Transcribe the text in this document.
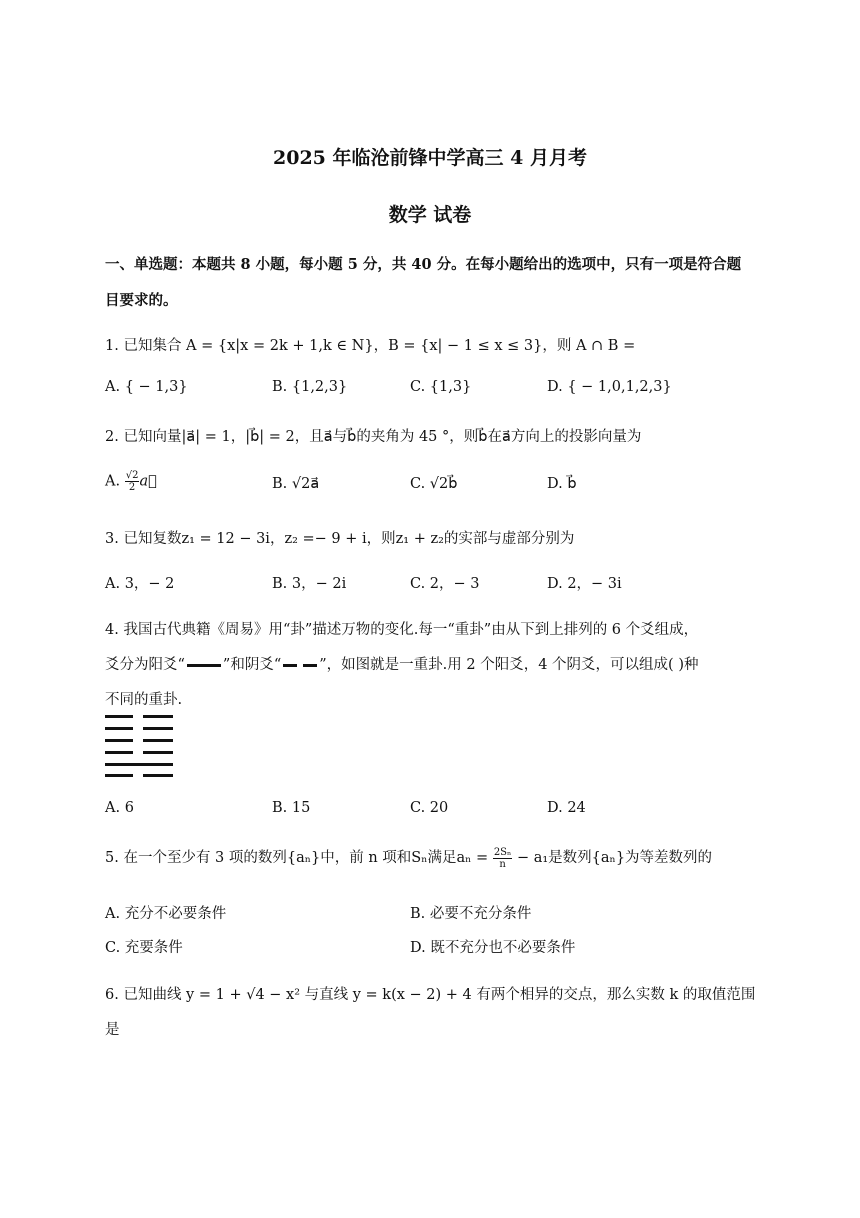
2025 年临沧前锋中学高三 4 月月考
数学 试卷
一、单选题：本题共 8 小题，每小题 5 分，共 40 分。在每小题给出的选项中，只有一项是符合题
目要求的。
1. 已知集合 A = {x|x = 2k + 1,k ∈ N}，B = {x| − 1 ≤ x ≤ 3}，则 A ∩ B =
A. { − 1,3}	B. {1,2,3}	C. {1,3}	D. { − 1,0,1,2,3}
2. 已知向量|a⃗| = 1，|b⃗| = 2，且a⃗与b⃗的夹角为 45 °，则b⃗在a⃗方向上的投影向量为
A. $\frac{√2}{2}$ a⃗	B. √2a⃗	C. √2b⃗	D. b⃗
3. 已知复数z₁ = 12 − 3i，z₂ =− 9 + i，则z₁ + z₂的实部与虚部分别为
A. 3，− 2	B. 3，− 2i	C. 2，− 3	D. 2，− 3i
4. 我国古代典籍《周易》用“卦”描述万物的变化.每一“重卦”由从下到上排列的 6 个爻组成，
爻分为阳爻“	”和阴爻“	”，如图就是一重卦.用 2 个阳爻，4 个阴爻，可以组成( )种
不同的重卦.
A. 6	B. 15	C. 20	D. 24
5. 在一个至少有 3 项的数列{aₙ}中，前 n 项和Sₙ满足$a_n = \frac{\text{2Sₙ}}{n} - a_1$是数列{aₙ}为等差数列的
A. 充分不必要条件	B. 必要不充分条件
C. 充要条件	D. 既不充分也不必要条件
6. 已知曲线 y = 1 + √4 − x² 与直线 y = k(x − 2) + 4 有两个相异的交点，那么实数 k 的取值范围
是
